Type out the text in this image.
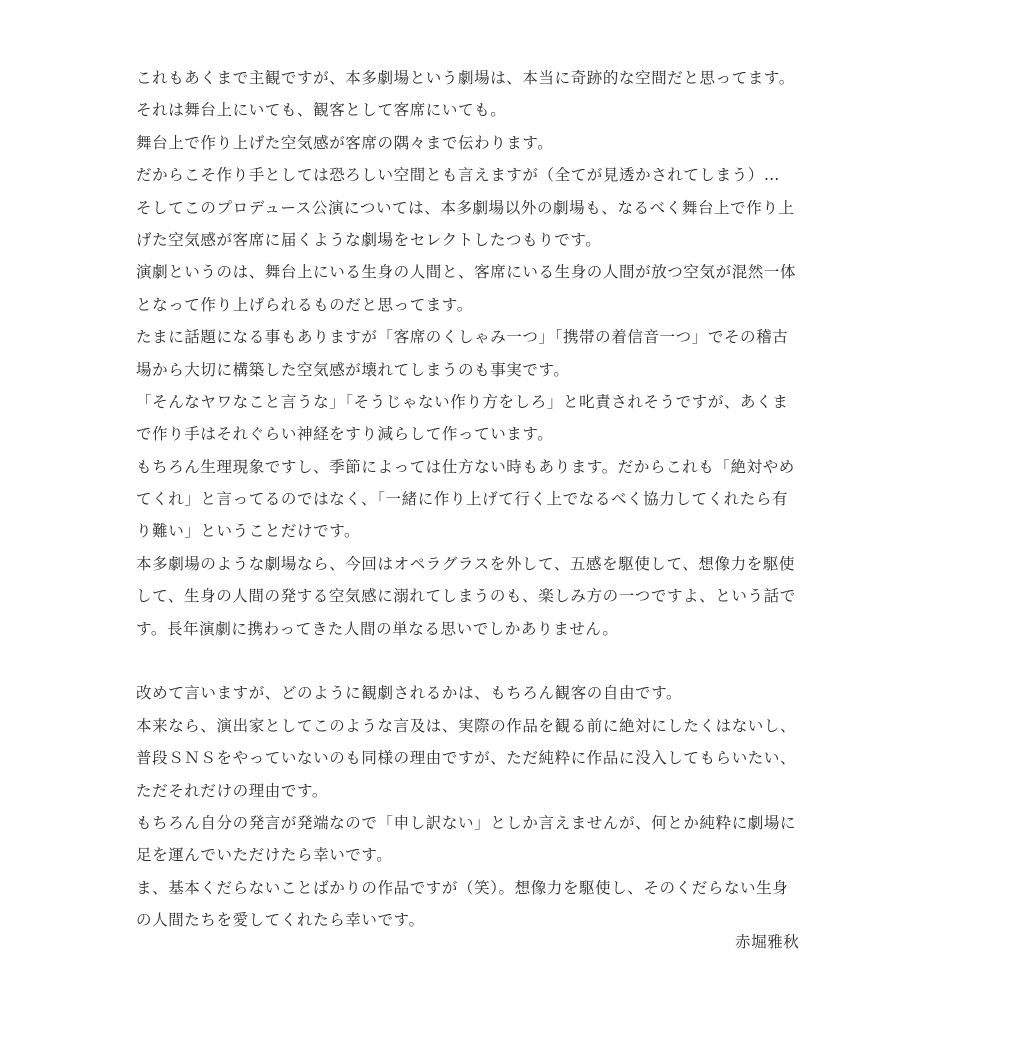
これもあくまで主観ですが、本多劇場という劇場は、本当に奇跡的な空間だと思ってます。
それは舞台上にいても、観客として客席にいても。
舞台上で作り上げた空気感が客席の隅々まで伝わります。
だからこそ作り手としては恐ろしい空間とも言えますが（全てが見透かされてしまう）…
そしてこのプロデュース公演については、本多劇場以外の劇場も、なるべく舞台上で作り上
げた空気感が客席に届くような劇場をセレクトしたつもりです。
演劇というのは、舞台上にいる生身の人間と、客席にいる生身の人間が放つ空気が混然一体
となって作り上げられるものだと思ってます。
たまに話題になる事もありますが「客席のくしゃみ一つ」「携帯の着信音一つ」でその稽古
場から大切に構築した空気感が壊れてしまうのも事実です。
「そんなヤワなこと言うな」「そうじゃない作り方をしろ」と叱責されそうですが、あくま
で作り手はそれぐらい神経をすり減らして作っています。
もちろん生理現象ですし、季節によっては仕方ない時もあります。だからこれも「絶対やめ
てくれ」と言ってるのではなく、「一緒に作り上げて行く上でなるべく協力してくれたら有
り難い」ということだけです。
本多劇場のような劇場なら、今回はオペラグラスを外して、五感を駆使して、想像力を駆使
して、生身の人間の発する空気感に溺れてしまうのも、楽しみ方の一つですよ、という話で
す。長年演劇に携わってきた人間の単なる思いでしかありません。
改めて言いますが、どのように観劇されるかは、もちろん観客の自由です。
本来なら、演出家としてこのような言及は、実際の作品を観る前に絶対にしたくはないし、
普段ＳＮＳをやっていないのも同様の理由ですが、ただ純粋に作品に没入してもらいたい、
ただそれだけの理由です。
もちろん自分の発言が発端なので「申し訳ない」としか言えませんが、何とか純粋に劇場に
足を運んでいただけたら幸いです。
ま、基本くだらないことばかりの作品ですが（笑）。想像力を駆使し、そのくだらない生身
の人間たちを愛してくれたら幸いです。
赤堀雅秋
